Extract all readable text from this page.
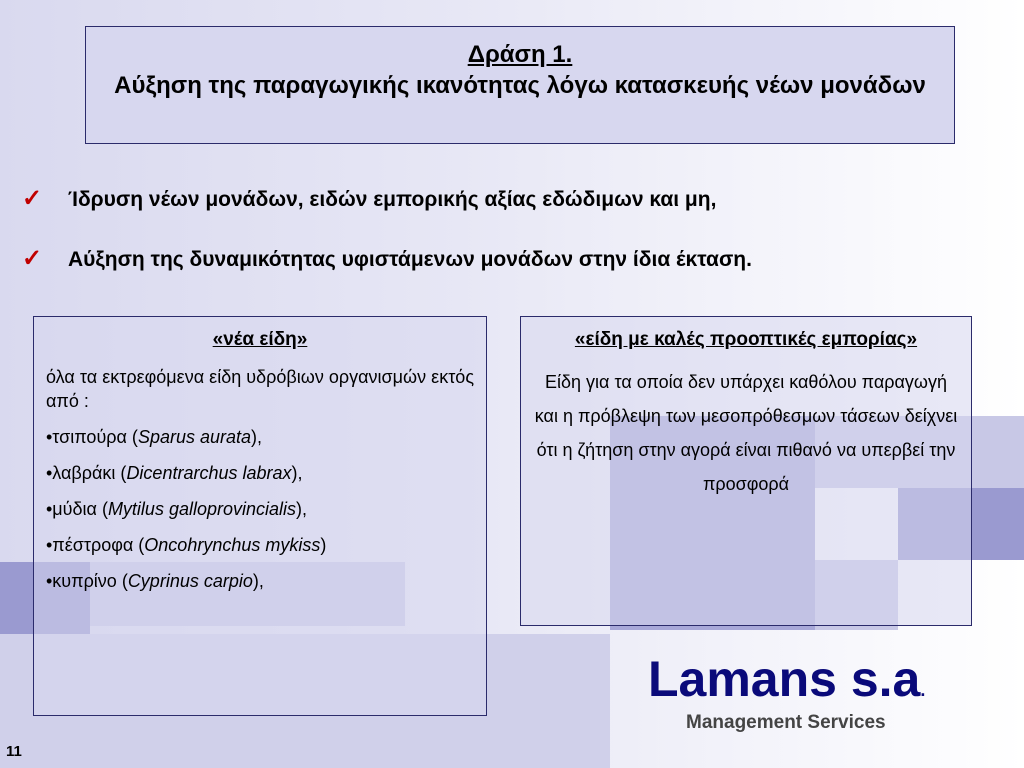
Δράση 1.
Αύξηση της παραγωγικής ικανότητας λόγω κατασκευής νέων μονάδων
✓ Ίδρυση νέων μονάδων, ειδών εμπορικής αξίας εδώδιμων και μη,
✓ Αύξηση της δυναμικότητας υφιστάμενων μονάδων στην ίδια έκταση.
«νέα είδη»
όλα τα εκτρεφόμενα είδη υδρόβιων οργανισμών εκτός από :
•τσιπούρα (Sparus aurata),
•λαβράκι (Dicentrarchus labrax),
•μύδια (Mytilus galloprovincialis),
•πέστροφα (Oncohrynchus mykiss)
•κυπρίνο (Cyprinus carpio),
«είδη με καλές προοπτικές εμπορίας»
Είδη για τα οποία δεν υπάρχει καθόλου παραγωγή και η πρόβλεψη των μεσοπρόθεσμων τάσεων δείχνει ότι η ζήτηση στην αγορά είναι πιθανό να υπερβεί την προσφορά
Lamans s.a.
Management Services
11
